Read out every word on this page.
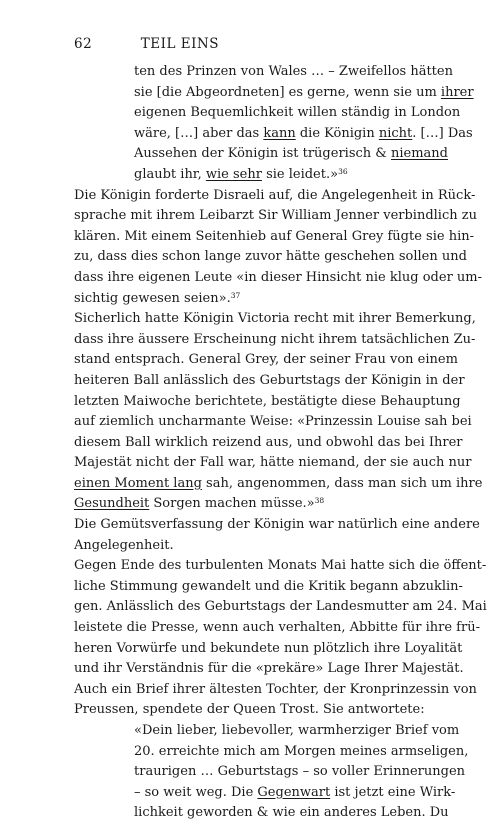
62	TEIL EINS
ten des Prinzen von Wales … – Zweifellos hätten
sie [die Abgeordneten] es gerne, wenn sie um ihrer
eigenen Bequemlichkeit willen ständig in London
wäre, […] aber das kann die Königin nicht. […] Das
Aussehen der Königin ist trügerisch & niemand
glaubt ihr, wie sehr sie leidet.»$^{36}$
Die Königin forderte Disraeli auf, die Angelegenheit in Rück-
sprache mit ihrem Leibarzt Sir William Jenner verbindlich zu
klären. Mit einem Seitenhieb auf General Grey fügte sie hin-
zu, dass dies schon lange zuvor hätte geschehen sollen und
dass ihre eigenen Leute «in dieser Hinsicht nie klug oder um-
sichtig gewesen seien».$^{37}$
Sicherlich hatte Königin Victoria recht mit ihrer Bemerkung,
dass ihre äussere Erscheinung nicht ihrem tatsächlichen Zu-
stand entsprach. General Grey, der seiner Frau von einem
heiteren Ball anlässlich des Geburtstags der Königin in der
letzten Maiwoche berichtete, bestätigte diese Behauptung
auf ziemlich uncharmante Weise: «Prinzessin Louise sah bei
diesem Ball wirklich reizend aus, und obwohl das bei Ihrer
Majestät nicht der Fall war, hätte niemand, der sie auch nur
einen Moment lang sah, angenommen, dass man sich um ihre
Gesundheit Sorgen machen müsse.»$^{38}$
Die Gemütsverfassung der Königin war natürlich eine andere
Angelegenheit.
Gegen Ende des turbulenten Monats Mai hatte sich die öffent-
liche Stimmung gewandelt und die Kritik begann abzuklin-
gen. Anlässlich des Geburtstags der Landesmutter am 24. Mai
leistete die Presse, wenn auch verhalten, Abbitte für ihre frü-
heren Vorwürfe und bekundete nun plötzlich ihre Loyalität
und ihr Verständnis für die «prekäre» Lage Ihrer Majestät.
Auch ein Brief ihrer ältesten Tochter, der Kronprinzessin von
Preussen, spendete der Queen Trost. Sie antwortete:
«Dein lieber, liebevoller, warmherziger Brief vom
20. erreichte mich am Morgen meines armseligen,
traurigen … Geburtstags – so voller Erinnerungen
– so weit weg. Die Gegenwart ist jetzt eine Wirk-
lichkeit geworden & wie ein anderes Leben. Du
